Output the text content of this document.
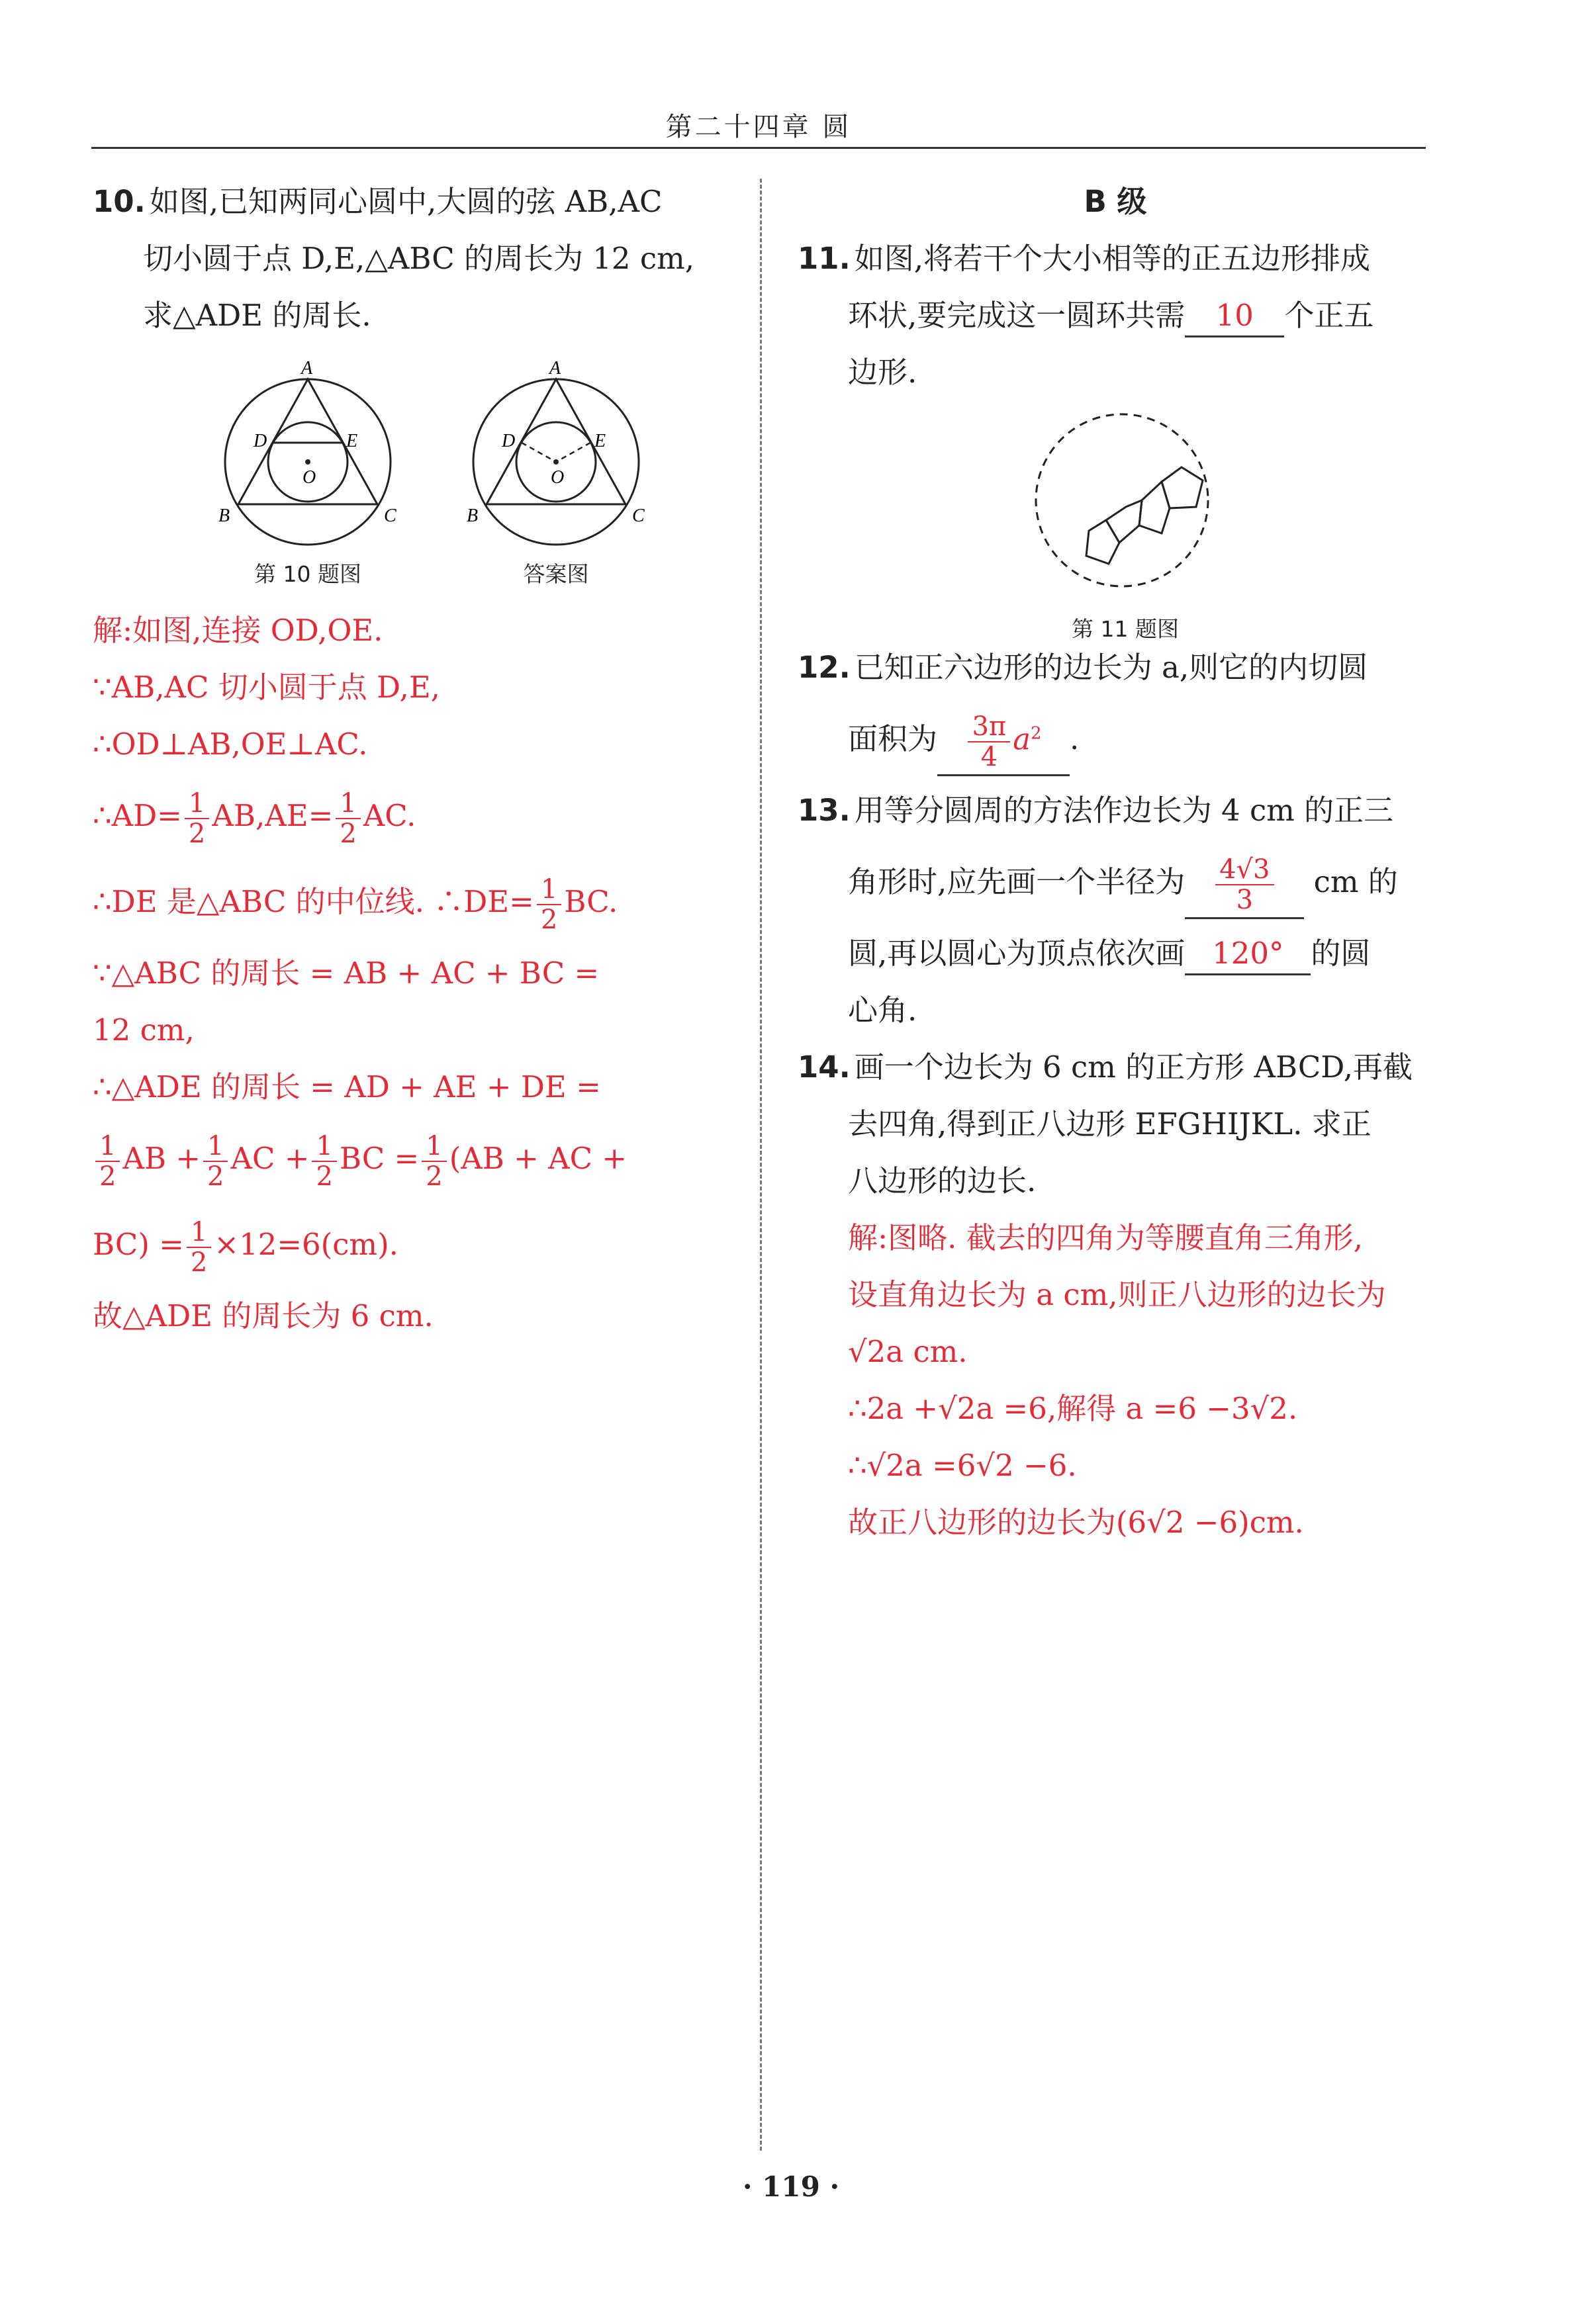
第二十四章 圆

10. 如图,已知两同心圆中,大圆的弦 AB,AC

切小圆于点 D,E,△ABC 的周长为 12 cm,

求△ADE 的周长.

A
D	E
O
B	C
A
D	E
O
B	C
第 10 题图	答案图

解:如图,连接 OD,OE.

∵AB,AC 切小圆于点 D,E,

∴OD⊥AB,OE⊥AC.

∴AD= $\frac{1}{2} AB,AE= \frac{1}{2}$ AC.

∴DE 是△ABC 的中位线. ∴DE= $\frac{1}{2}$ BC.

∵△ABC 的周长 = AB + AC + BC =

12 cm,

∴△ADE 的周长 = AD + AE + DE =

$\frac{1}{2}$ AB + $\frac{1}{2}$ AC + $\frac{1}{2}$ BC = $\frac{1}{2} (AB$ + AC +

$BC) = \frac{1}{2} \times 12=6(cm)$.

故△ADE 的周长为 6 cm.

B 级

11. 如图,将若干个大小相等的正五边形排成

环状,要完成这一圆环共需 10 个正五

边形.

第 11 题图

12. 已知正六边形的边长为 a,则它的内切圆

面积为 $\frac{3\pi}{4} a^2$ .

13. 用等分圆周的方法作边长为 4 cm 的正三

角形时,应先画一个半径为 $\frac{4√3}{3}$ cm 的

圆,再以圆心为顶点依次画 120° 的圆

心角.

14. 画一个边长为 6 cm 的正方形 ABCD,再截

去四角,得到正八边形 EFGHIJKL. 求正

八边形的边长.

解:图略. 截去的四角为等腰直角三角形,

设直角边长为 a cm,则正八边形的边长为

√2a cm.

∴2a +√2a =6,解得 a =6 −3√2.

∴√2a =6√2 −6.

故正八边形的边长为(6√2 −6)cm.

· 119 ·
